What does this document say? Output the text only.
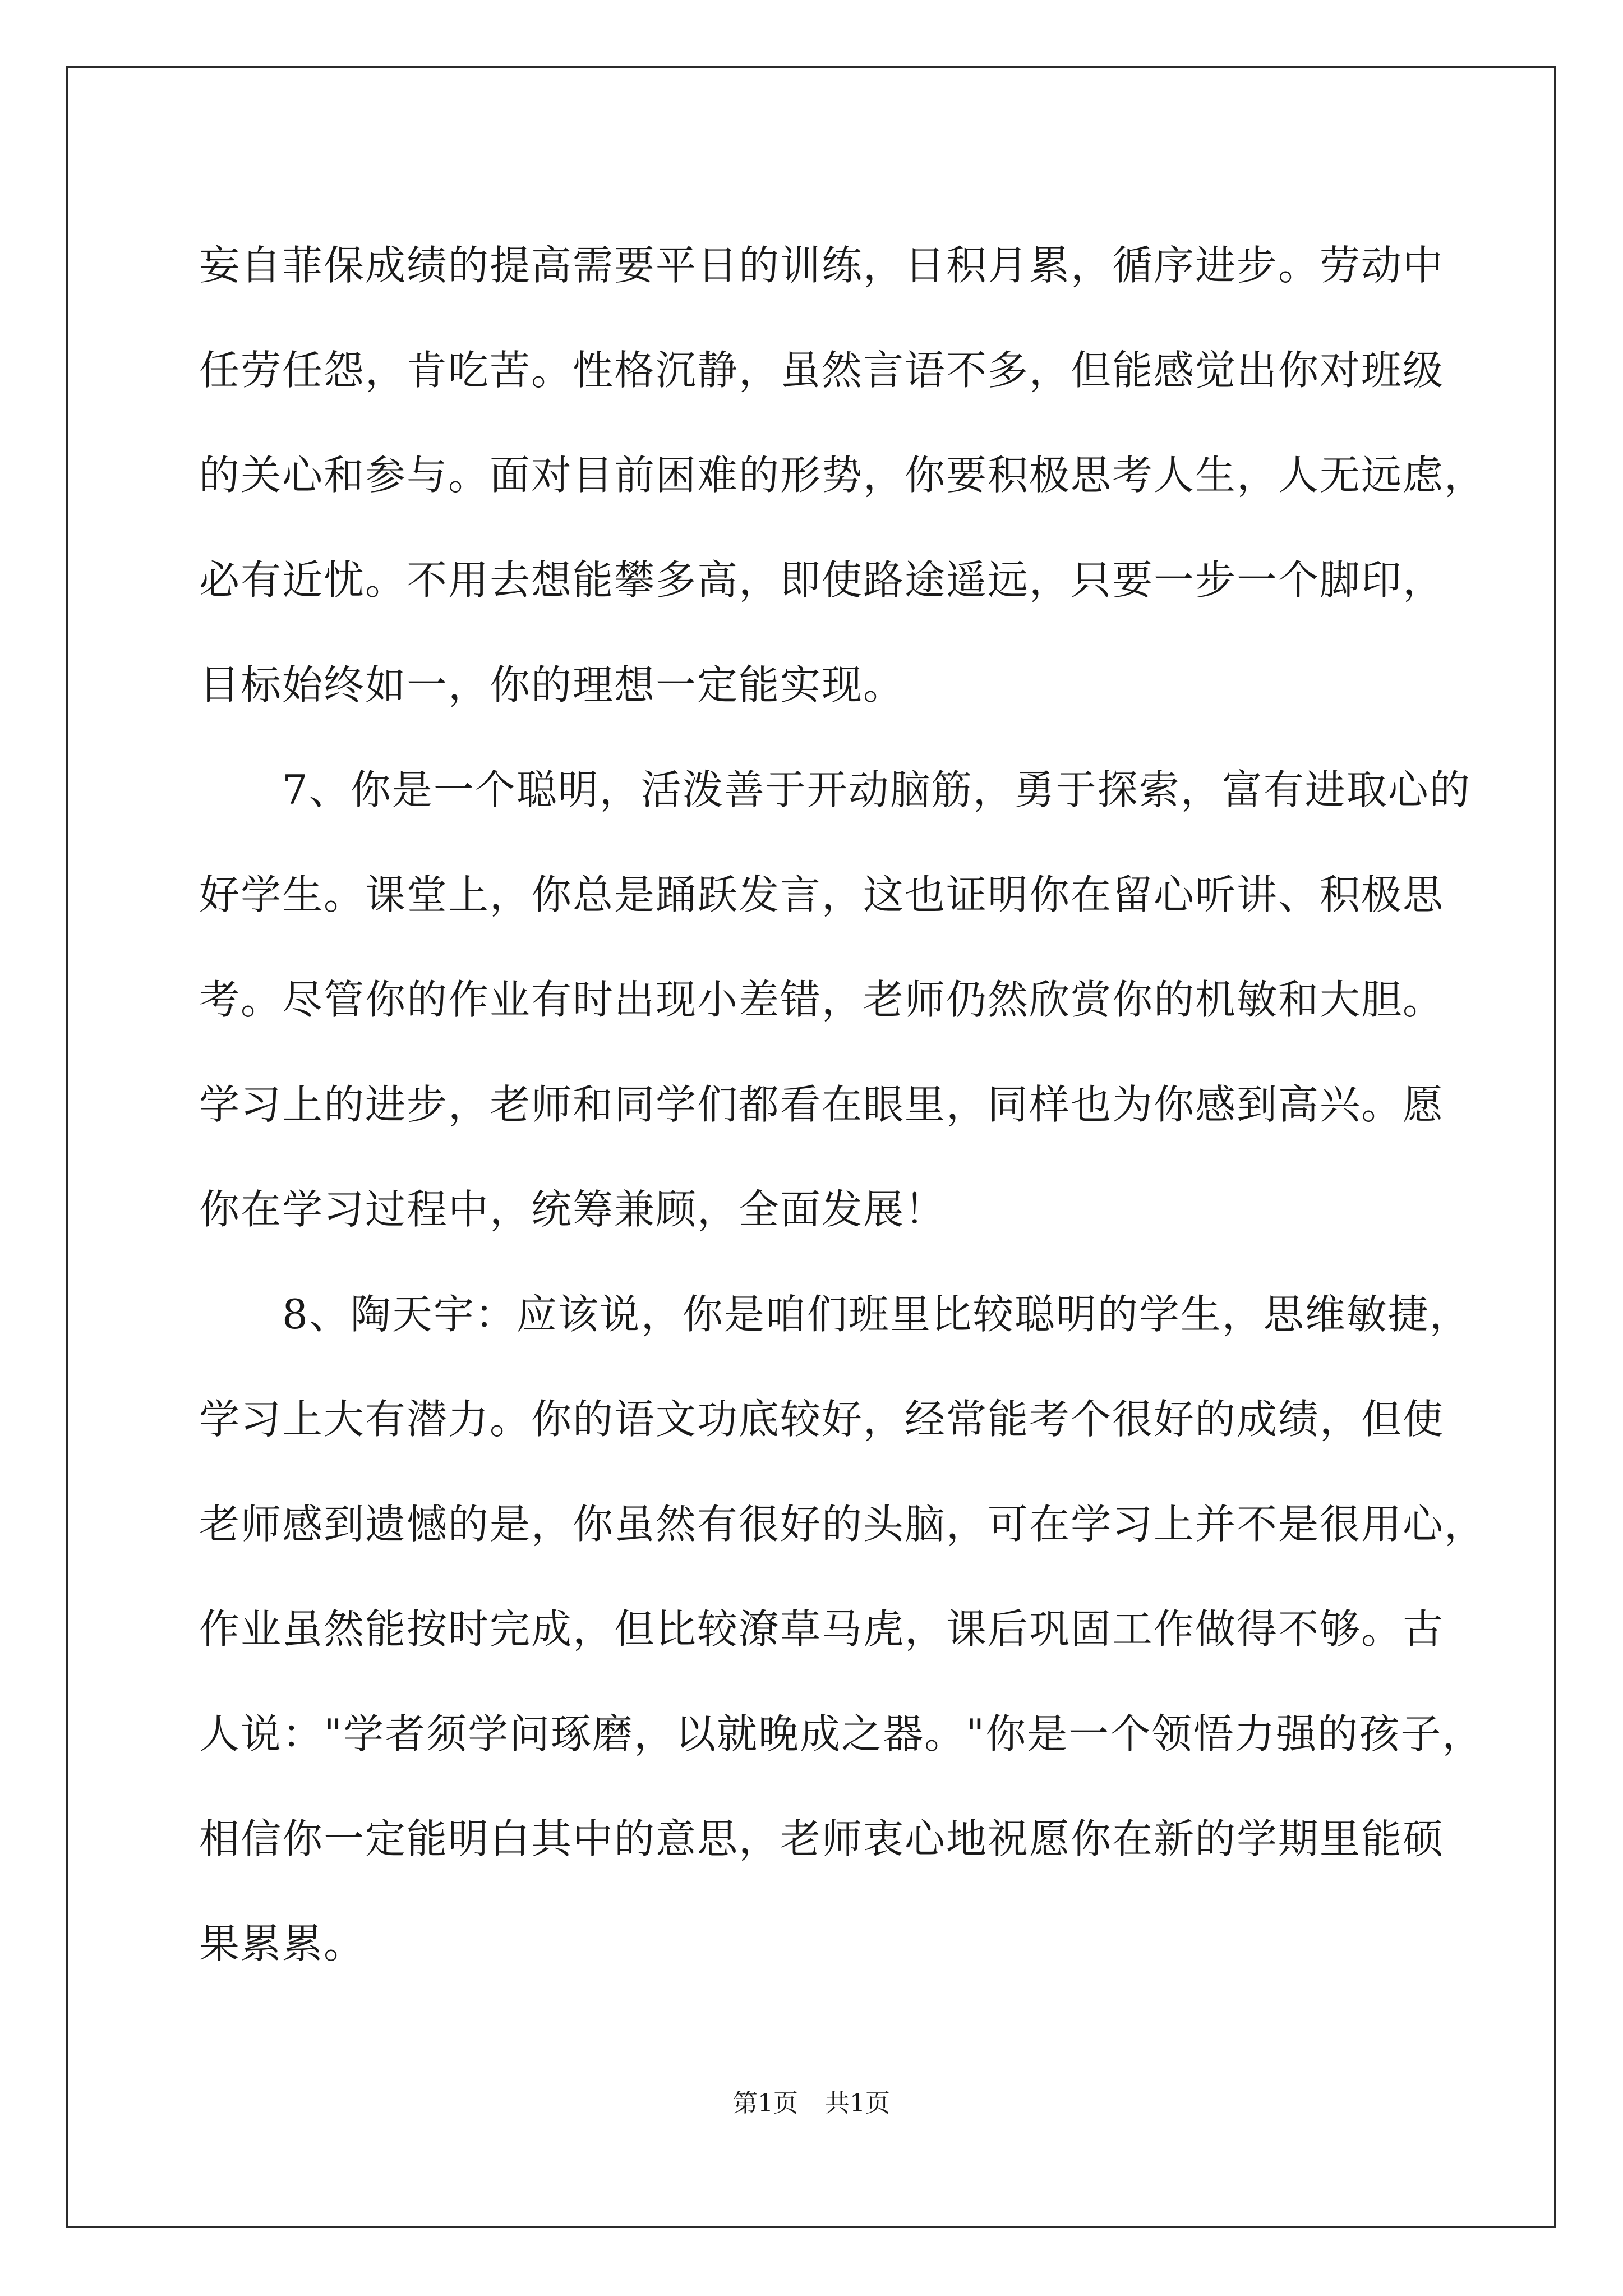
妄自菲保成绩的提高需要平日的训练，日积月累，循序进步。劳动中
任劳任怨，肯吃苦。性格沉静，虽然言语不多，但能感觉出你对班级
的关心和参与。面对目前困难的形势，你要积极思考人生，人无远虑，
必有近忧。不用去想能攀多高，即使路途遥远，只要一步一个脚印，
目标始终如一，你的理想一定能实现。
　　7、你是一个聪明，活泼善于开动脑筋，勇于探索，富有进取心的
好学生。课堂上，你总是踊跃发言，这也证明你在留心听讲、积极思
考。尽管你的作业有时出现小差错，老师仍然欣赏你的机敏和大胆。
学习上的进步，老师和同学们都看在眼里，同样也为你感到高兴。愿
你在学习过程中，统筹兼顾，全面发展！
　　8、陶天宇：应该说，你是咱们班里比较聪明的学生，思维敏捷，
学习上大有潜力。你的语文功底较好，经常能考个很好的成绩，但使
老师感到遗憾的是，你虽然有很好的头脑，可在学习上并不是很用心，
作业虽然能按时完成，但比较潦草马虎，课后巩固工作做得不够。古
人说："学者须学问琢磨，以就晚成之器。"你是一个领悟力强的孩子，
相信你一定能明白其中的意思，老师衷心地祝愿你在新的学期里能硕
果累累。
第1页 共1页
